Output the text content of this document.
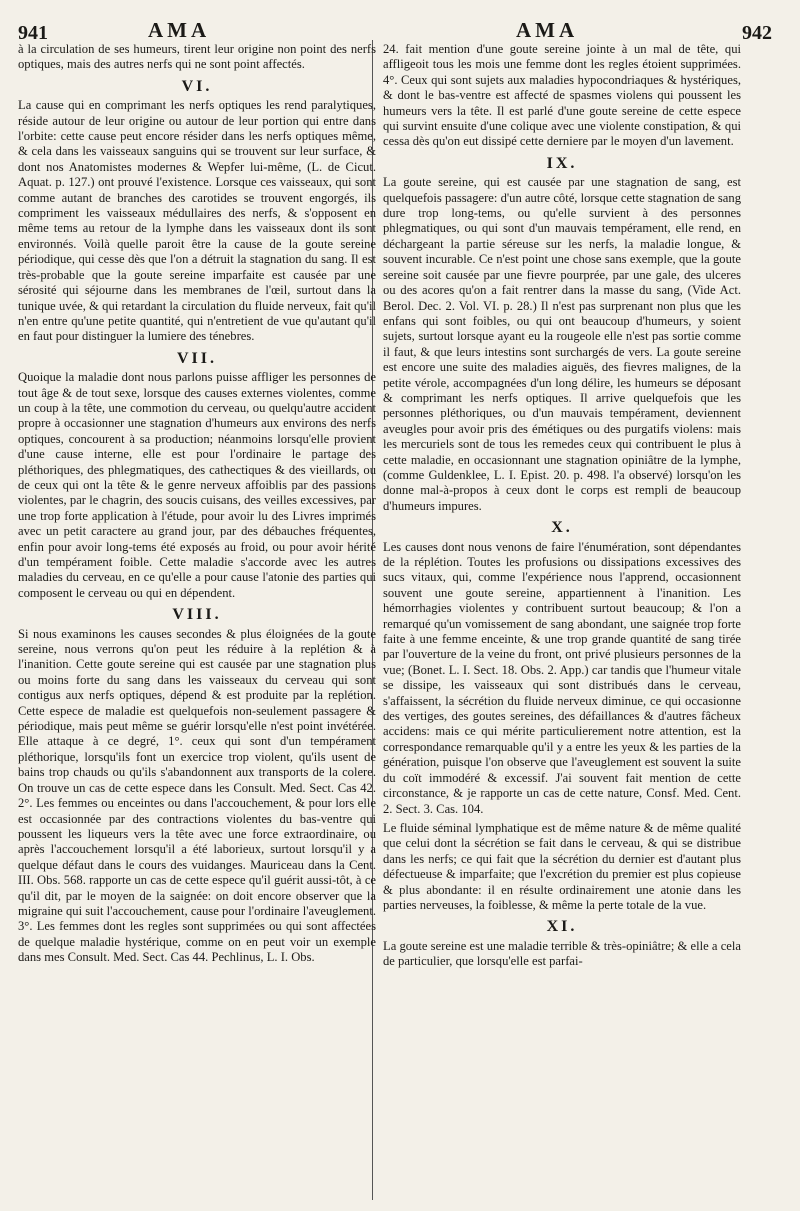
941	AMA	AMA	942

à la circulation de ses humeurs, tirent leur origine non point des nerfs optiques, mais des autres nerfs qui ne sont point affectés.

VI.

La cause qui en comprimant les nerfs optiques les rend paralytiques, réside autour de leur origine ou autour de leur portion qui entre dans l'orbite: cette cause peut encore résider dans les nerfs optiques même, & cela dans les vaisseaux sanguins qui se trouvent sur leur surface, & dont nos Anatomistes modernes & Wepfer lui-même, (L. de Cicut. Aquat. p. 127.) ont prouvé l'existence. Lorsque ces vaisseaux, qui sont comme autant de branches des carotides se trouvent engorgés, ils compriment les vaisseaux médullaires des nerfs, & s'opposent en même tems au retour de la lymphe dans les vaisseaux dont ils sont environnés. Voilà quelle paroit être la cause de la goute sereine périodique, qui cesse dès que l'on a détruit la stagnation du sang. Il est très-probable que la goute sereine imparfaite est causée par une sérosité qui séjourne dans les membranes de l'œil, surtout dans la tunique uvée, & qui retardant la circulation du fluide nerveux, fait qu'il n'en entre qu'une petite quantité, qui n'entretient de vue qu'autant qu'il en faut pour distinguer la lumiere des ténebres.

VII.

Quoique la maladie dont nous parlons puisse affliger les personnes de tout âge & de tout sexe, lorsque des causes externes violentes, comme un coup à la tête, une commotion du cerveau, ou quelqu'autre accident propre à occasionner une stagnation d'humeurs aux environs des nerfs optiques, concourent à sa production; néanmoins lorsqu'elle provient d'une cause interne, elle est pour l'ordinaire le partage des pléthoriques, des phlegmatiques, des cathectiques & des vieillards, ou de ceux qui ont la tête & le genre nerveux affoiblis par des passions violentes, par le chagrin, des soucis cuisans, des veilles excessives, par une trop forte application à l'étude, pour avoir lu des Livres imprimés avec un petit caractere au grand jour, par des débauches fréquentes, enfin pour avoir long-tems été exposés au froid, ou pour avoir hérité d'un tempérament foible. Cette maladie s'accorde avec les autres maladies du cerveau, en ce qu'elle a pour cause l'atonie des parties qui composent le cerveau ou qui en dépendent.

VIII.

Si nous examinons les causes secondes & plus éloignées de la goute sereine, nous verrons qu'on peut les réduire à la replétion & à l'inanition. Cette goute sereine qui est causée par une stagnation plus ou moins forte du sang dans les vaisseaux du cerveau qui sont contigus aux nerfs optiques, dépend & est produite par la replétion. Cette espece de maladie est quelquefois non-seulement passagere & périodique, mais peut même se guérir lorsqu'elle n'est point invétérée. Elle attaque à ce degré, 1°. ceux qui sont d'un tempérament pléthorique, lorsqu'ils font un exercice trop violent, qu'ils usent de bains trop chauds ou qu'ils s'abandonnent aux transports de la colere. On trouve un cas de cette espece dans les Consult. Med. Sect. Cas 42. 2°. Les femmes ou enceintes ou dans l'accouchement, & pour lors elle est occasionnée par des contractions violentes du bas-ventre qui poussent les liqueurs vers la tête avec une force extraordinaire, ou après l'accouchement lorsqu'il a été laborieux, surtout lorsqu'il y a quelque défaut dans le cours des vuidanges. Mauriceau dans la Cent. III. Obs. 568. rapporte un cas de cette espece qu'il guérit aussi-tôt, à ce qu'il dit, par le moyen de la saignée: on doit encore observer que la migraine qui suit l'accouchement, cause pour l'ordinaire l'aveuglement. 3°. Les femmes dont les regles sont supprimées ou qui sont affectées de quelque maladie hystérique, comme on en peut voir un exemple dans mes Consult. Med. Sect. Cas 44. Pechlinus, L. I. Obs.

24. fait mention d'une goute sereine jointe à un mal de tête, qui affligeoit tous les mois une femme dont les regles étoient supprimées. 4°. Ceux qui sont sujets aux maladies hypocondriaques & hystériques, & dont le bas-ventre est affecté de spasmes violens qui poussent les humeurs vers la tête. Il est parlé d'une goute sereine de cette espece qui survint ensuite d'une colique avec une violente constipation, & qui cessa dès qu'on eut dissipé cette derniere par le moyen d'un lavement.

IX.

La goute sereine, qui est causée par une stagnation de sang, est quelquefois passagere: d'un autre côté, lorsque cette stagnation de sang dure trop long-tems, ou qu'elle survient à des personnes phlegmatiques, ou qui sont d'un mauvais tempérament, elle rend, en déchargeant la partie séreuse sur les nerfs, la maladie longue, & souvent incurable. Ce n'est point une chose sans exemple, que la goute sereine soit causée par une fievre pourprée, par une gale, des ulceres ou des acores qu'on a fait rentrer dans la masse du sang, (Vide Act. Berol. Dec. 2. Vol. VI. p. 28.) Il n'est pas surprenant non plus que les enfans qui sont foibles, ou qui ont beaucoup d'humeurs, y soient sujets, surtout lorsque ayant eu la rougeole elle n'est pas sortie comme il faut, & que leurs intestins sont surchargés de vers. La goute sereine est encore une suite des maladies aiguës, des fievres malignes, de la petite vérole, accompagnées d'un long délire, les humeurs se déposant & comprimant les nerfs optiques. Il arrive quelquefois que les personnes pléthoriques, ou d'un mauvais tempérament, deviennent aveugles pour avoir pris des émétiques ou des purgatifs violens: mais les mercuriels sont de tous les remedes ceux qui contribuent le plus à cette maladie, en occasionnant une stagnation opiniâtre de la lymphe, (comme Guldenklee, L. I. Epist. 20. p. 498. l'a observé) lorsqu'on les donne mal-à-propos à ceux dont le corps est rempli de beaucoup d'humeurs impures.

X.

Les causes dont nous venons de faire l'énumération, sont dépendantes de la réplétion. Toutes les profusions ou dissipations excessives des sucs vitaux, qui, comme l'expérience nous l'apprend, occasionnent souvent une goute sereine, appartiennent à l'inanition. Les hémorrhagies violentes y contribuent surtout beaucoup; & l'on a remarqué qu'un vomissement de sang abondant, une saignée trop forte faite à une femme enceinte, & une trop grande quantité de sang tirée par l'ouverture de la veine du front, ont privé plusieurs personnes de la vue; (Bonet. L. I. Sect. 18. Obs. 2. App.) car tandis que l'humeur vitale se dissipe, les vaisseaux qui sont distribués dans le cerveau, s'affaissent, la sécrétion du fluide nerveux diminue, ce qui occasionne des vertiges, des goutes sereines, des défaillances & d'autres fâcheux accidens: mais ce qui mérite particulierement notre attention, est la correspondance remarquable qu'il y a entre les yeux & les parties de la génération, puisque l'on observe que l'aveuglement est souvent la suite du coït immodéré & excessif. J'ai souvent fait mention de cette circonstance, & je rapporte un cas de cette nature, Consf. Med. Cent. 2. Sect. 3. Cas. 104.

Le fluide séminal lymphatique est de même nature & de même qualité que celui dont la sécrétion se fait dans le cerveau, & qui se distribue dans les nerfs; ce qui fait que la sécrétion du dernier est d'autant plus défectueuse & imparfaite; que l'excrétion du premier est plus copieuse & plus abondante: il en résulte ordinairement une atonie dans les parties nerveuses, la foiblesse, & même la perte totale de la vue.

XI.

La goute sereine est une maladie terrible & très-opiniâtre; & elle a cela de particulier, que lorsqu'elle est parfai-
